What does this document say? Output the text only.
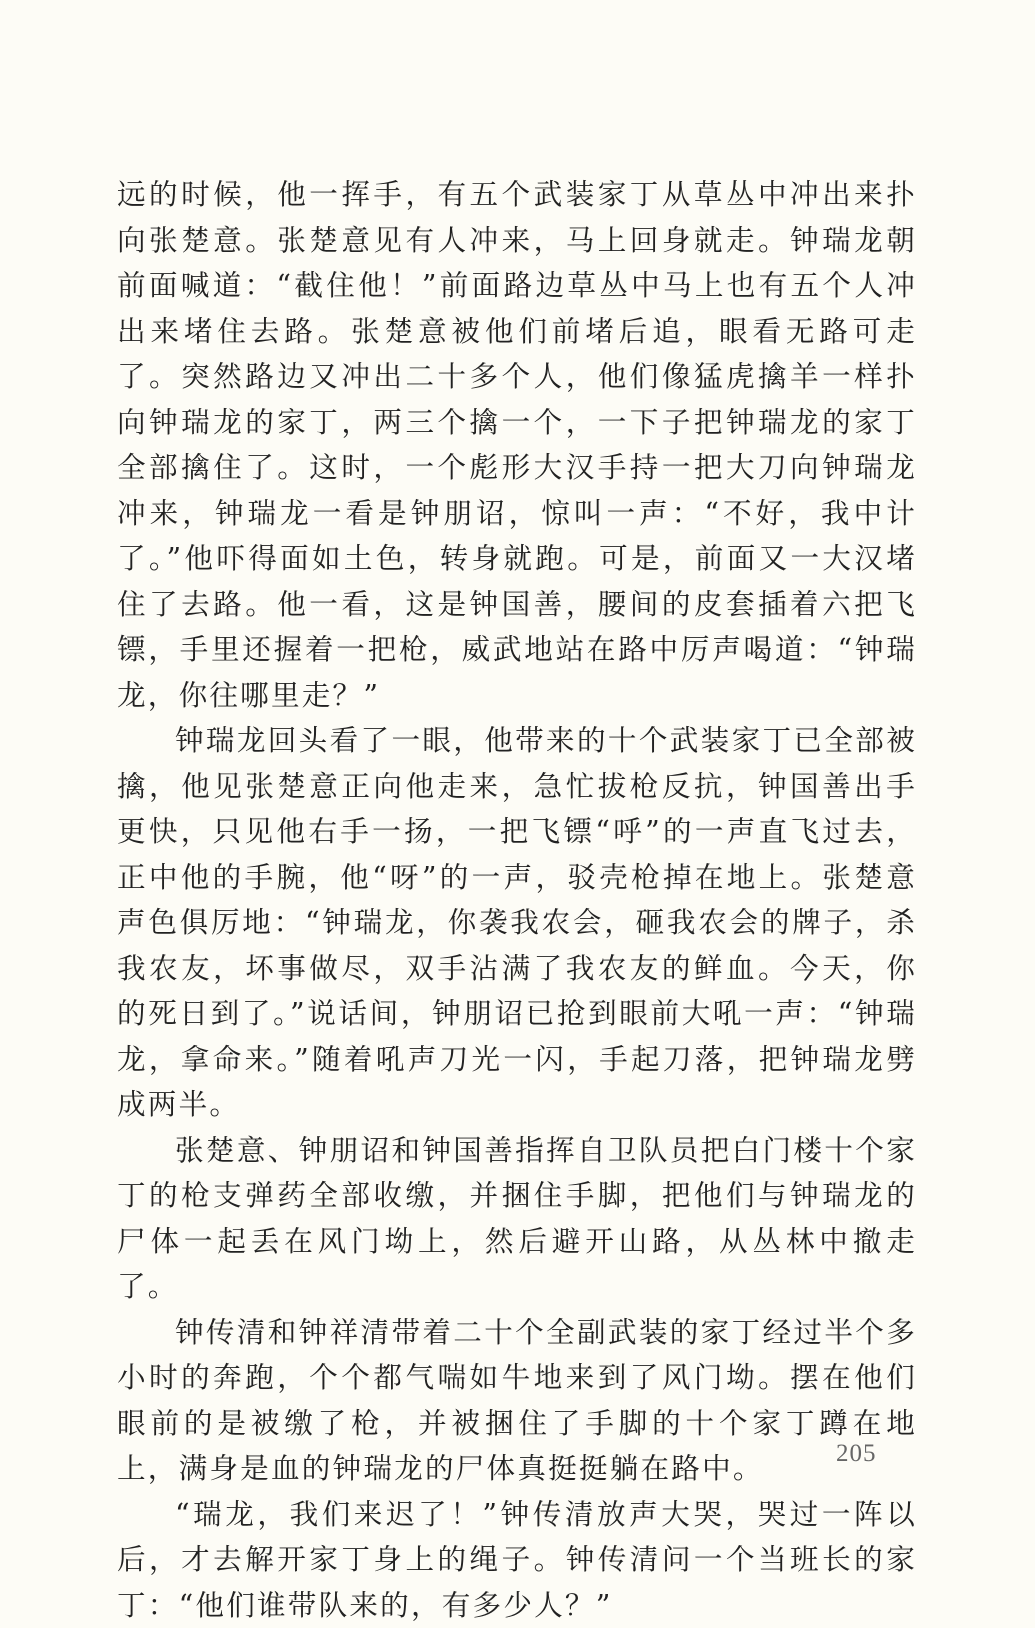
远的时候，他一挥手，有五个武装家丁从草丛中冲出来扑向张楚意。张楚意见有人冲来，马上回身就走。钟瑞龙朝前面喊道：“截住他！”前面路边草丛中马上也有五个人冲出来堵住去路。张楚意被他们前堵后追，眼看无路可走了。突然路边又冲出二十多个人，他们像猛虎擒羊一样扑向钟瑞龙的家丁，两三个擒一个，一下子把钟瑞龙的家丁全部擒住了。这时，一个彪形大汉手持一把大刀向钟瑞龙冲来，钟瑞龙一看是钟朋诏，惊叫一声：“不好，我中计了。”他吓得面如土色，转身就跑。可是，前面又一大汉堵住了去路。他一看，这是钟国善，腰间的皮套插着六把飞镖，手里还握着一把枪，威武地站在路中厉声喝道：“钟瑞龙，你往哪里走？”

钟瑞龙回头看了一眼，他带来的十个武装家丁已全部被擒，他见张楚意正向他走来，急忙拔枪反抗，钟国善出手更快，只见他右手一扬，一把飞镖“呼”的一声直飞过去，正中他的手腕，他“呀”的一声，驳壳枪掉在地上。张楚意声色俱厉地：“钟瑞龙，你袭我农会，砸我农会的牌子，杀我农友，坏事做尽，双手沾满了我农友的鲜血。今天，你的死日到了。”说话间，钟朋诏已抢到眼前大吼一声：“钟瑞龙，拿命来。”随着吼声刀光一闪，手起刀落，把钟瑞龙劈成两半。

张楚意、钟朋诏和钟国善指挥自卫队员把白门楼十个家丁的枪支弹药全部收缴，并捆住手脚，把他们与钟瑞龙的尸体一起丢在风门坳上，然后避开山路，从丛林中撤走了。

钟传清和钟祥清带着二十个全副武装的家丁经过半个多小时的奔跑，个个都气喘如牛地来到了风门坳。摆在他们眼前的是被缴了枪，并被捆住了手脚的十个家丁蹲在地上，满身是血的钟瑞龙的尸体真挺挺躺在路中。

“瑞龙，我们来迟了！”钟传清放声大哭，哭过一阵以后，才去解开家丁身上的绳子。钟传清问一个当班长的家丁：“他们谁带队来的，有多少人？”

205
